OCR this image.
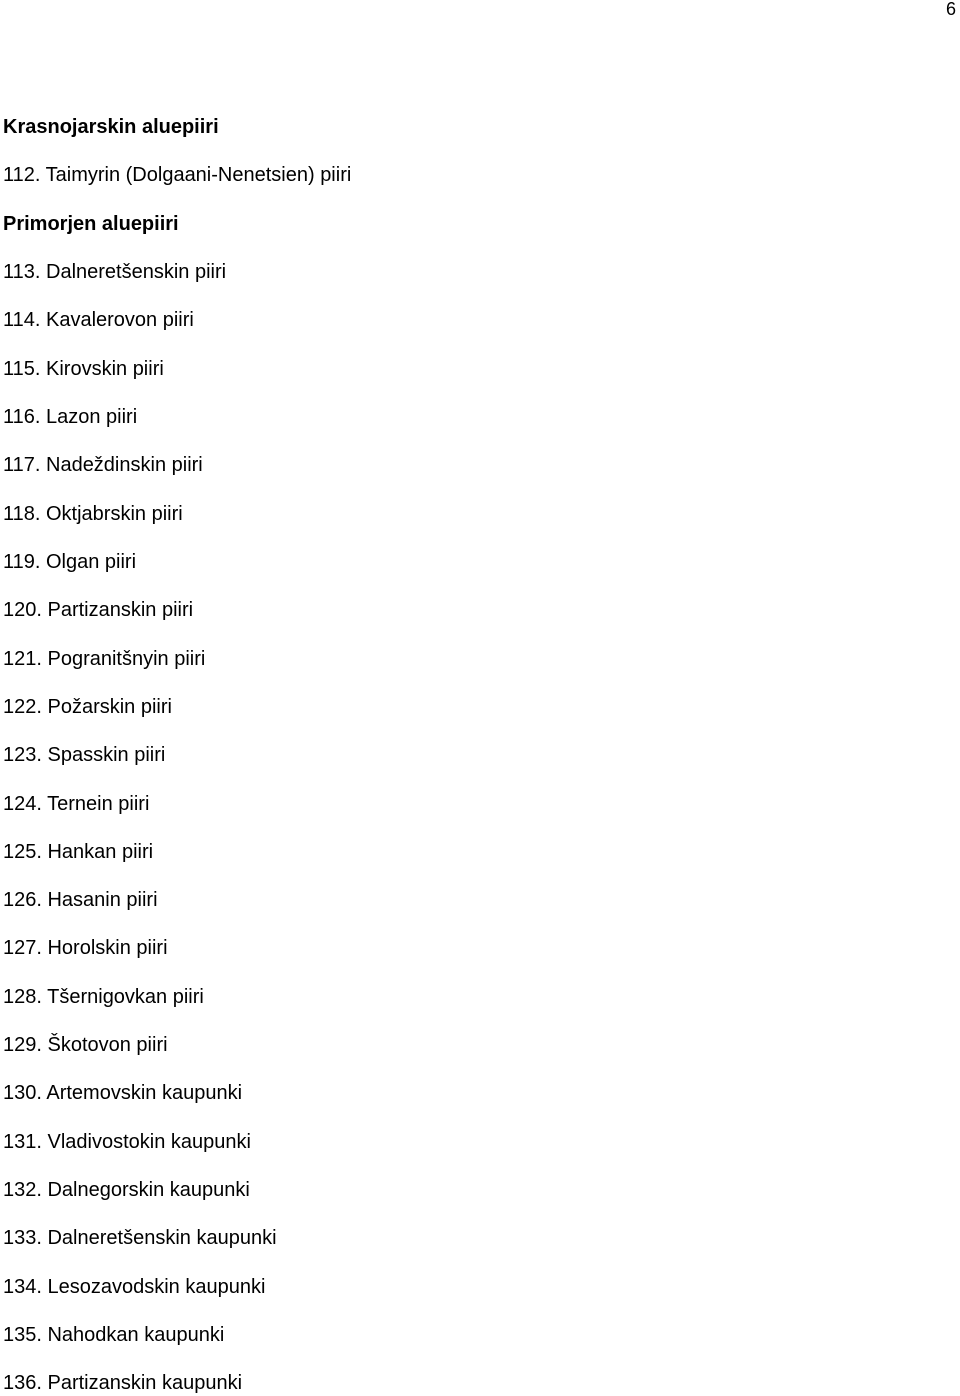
6
Krasnojarskin aluepiiri
112. Taimyrin (Dolgaani-Nenetsien) piiri
Primorjen aluepiiri
113. Dalneretšenskin piiri
114. Kavalerovon piiri
115. Kirovskin piiri
116. Lazon piiri
117. Nadeždinskin piiri
118. Oktjabrskin piiri
119. Olgan piiri
120. Partizanskin piiri
121. Pogranitšnyin piiri
122. Požarskin piiri
123. Spasskin piiri
124. Ternein piiri
125. Hankan piiri
126. Hasanin piiri
127. Horolskin piiri
128. Tšernigovkan piiri
129. Škotovon piiri
130. Artemovskin kaupunki
131. Vladivostokin kaupunki
132. Dalnegorskin kaupunki
133. Dalneretšenskin kaupunki
134. Lesozavodskin kaupunki
135. Nahodkan kaupunki
136. Partizanskin kaupunki
